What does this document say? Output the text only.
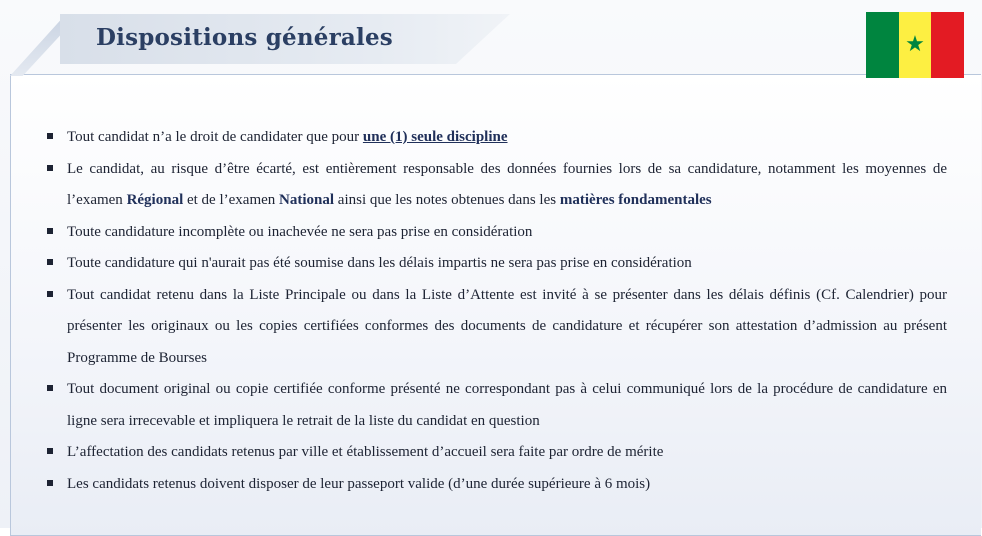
Dispositions générales	★
Tout candidat n’a le droit de candidater que pour une (1) seule discipline
Le candidat, au risque d’être écarté, est entièrement responsable des données fournies lors de sa candidature, notamment les moyennes de l’examen Régional et de l’examen National ainsi que les notes obtenues dans les matières fondamentales
Toute candidature incomplète ou inachevée ne sera pas prise en considération
Toute candidature qui n'aurait pas été soumise dans les délais impartis ne sera pas prise en considération
Tout candidat retenu dans la Liste Principale ou dans la Liste d’Attente est invité à se présenter dans les délais définis (Cf. Calendrier) pour présenter les originaux ou les copies certifiées conformes des documents de candidature et récupérer son attestation d’admission au présent Programme de Bourses
Tout document original ou copie certifiée conforme présenté ne correspondant pas à celui communiqué lors de la procédure de candidature en ligne sera irrecevable et impliquera le retrait de la liste du candidat en question
L’affectation des candidats retenus par ville et établissement d’accueil sera faite par ordre de mérite
Les candidats retenus doivent disposer de leur passeport valide (d’une durée supérieure à 6 mois)
